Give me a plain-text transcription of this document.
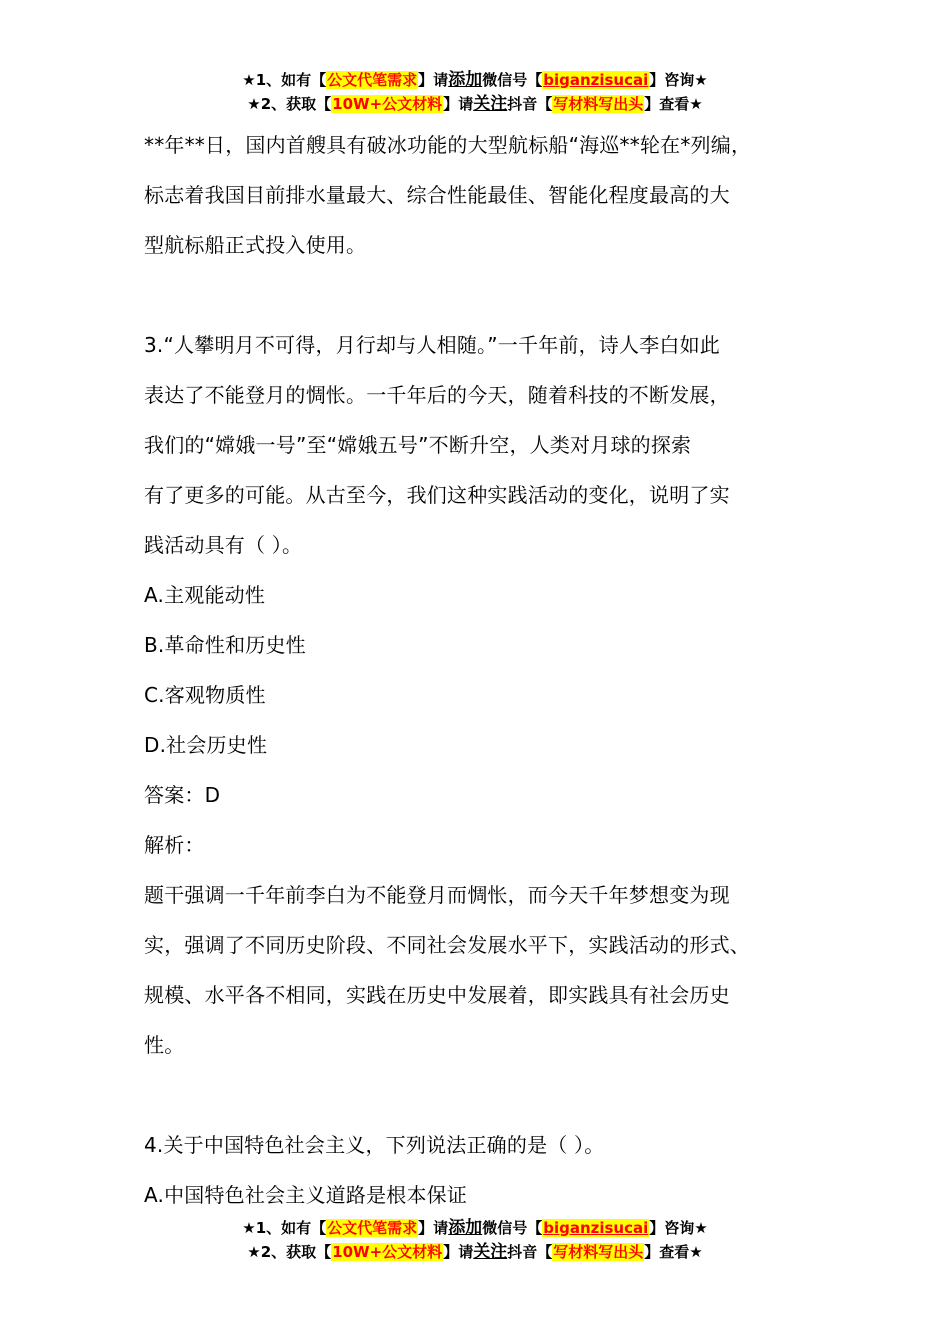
★1、如有【公文代笔需求】请添加微信号【biganzisucai】咨询★
★2、获取【10W+公文材料】请关注抖音【写材料写出头】查看★

**年**日，国内首艘具有破冰功能的大型航标船“海巡**轮在*列编，

标志着我国目前排水量最大、综合性能最佳、智能化程度最高的大

型航标船正式投入使用。

3.“人攀明月不可得，月行却与人相随。”一千年前，诗人李白如此

表达了不能登月的惆怅。一千年后的今天，随着科技的不断发展，

我们的“嫦娥一号”至“嫦娥五号”不断升空，人类对月球的探索

有了更多的可能。从古至今，我们这种实践活动的变化，说明了实

践活动具有（ ）。

A.主观能动性

B.革命性和历史性

C.客观物质性

D.社会历史性

答案：D

解析：

题干强调一千年前李白为不能登月而惆怅，而今天千年梦想变为现

实，强调了不同历史阶段、不同社会发展水平下，实践活动的形式、

规模、水平各不相同，实践在历史中发展着，即实践具有社会历史

性。

4.关于中国特色社会主义，下列说法正确的是（ ）。

A.中国特色社会主义道路是根本保证

★1、如有【公文代笔需求】请添加微信号【biganzisucai】咨询★
★2、获取【10W+公文材料】请关注抖音【写材料写出头】查看★
